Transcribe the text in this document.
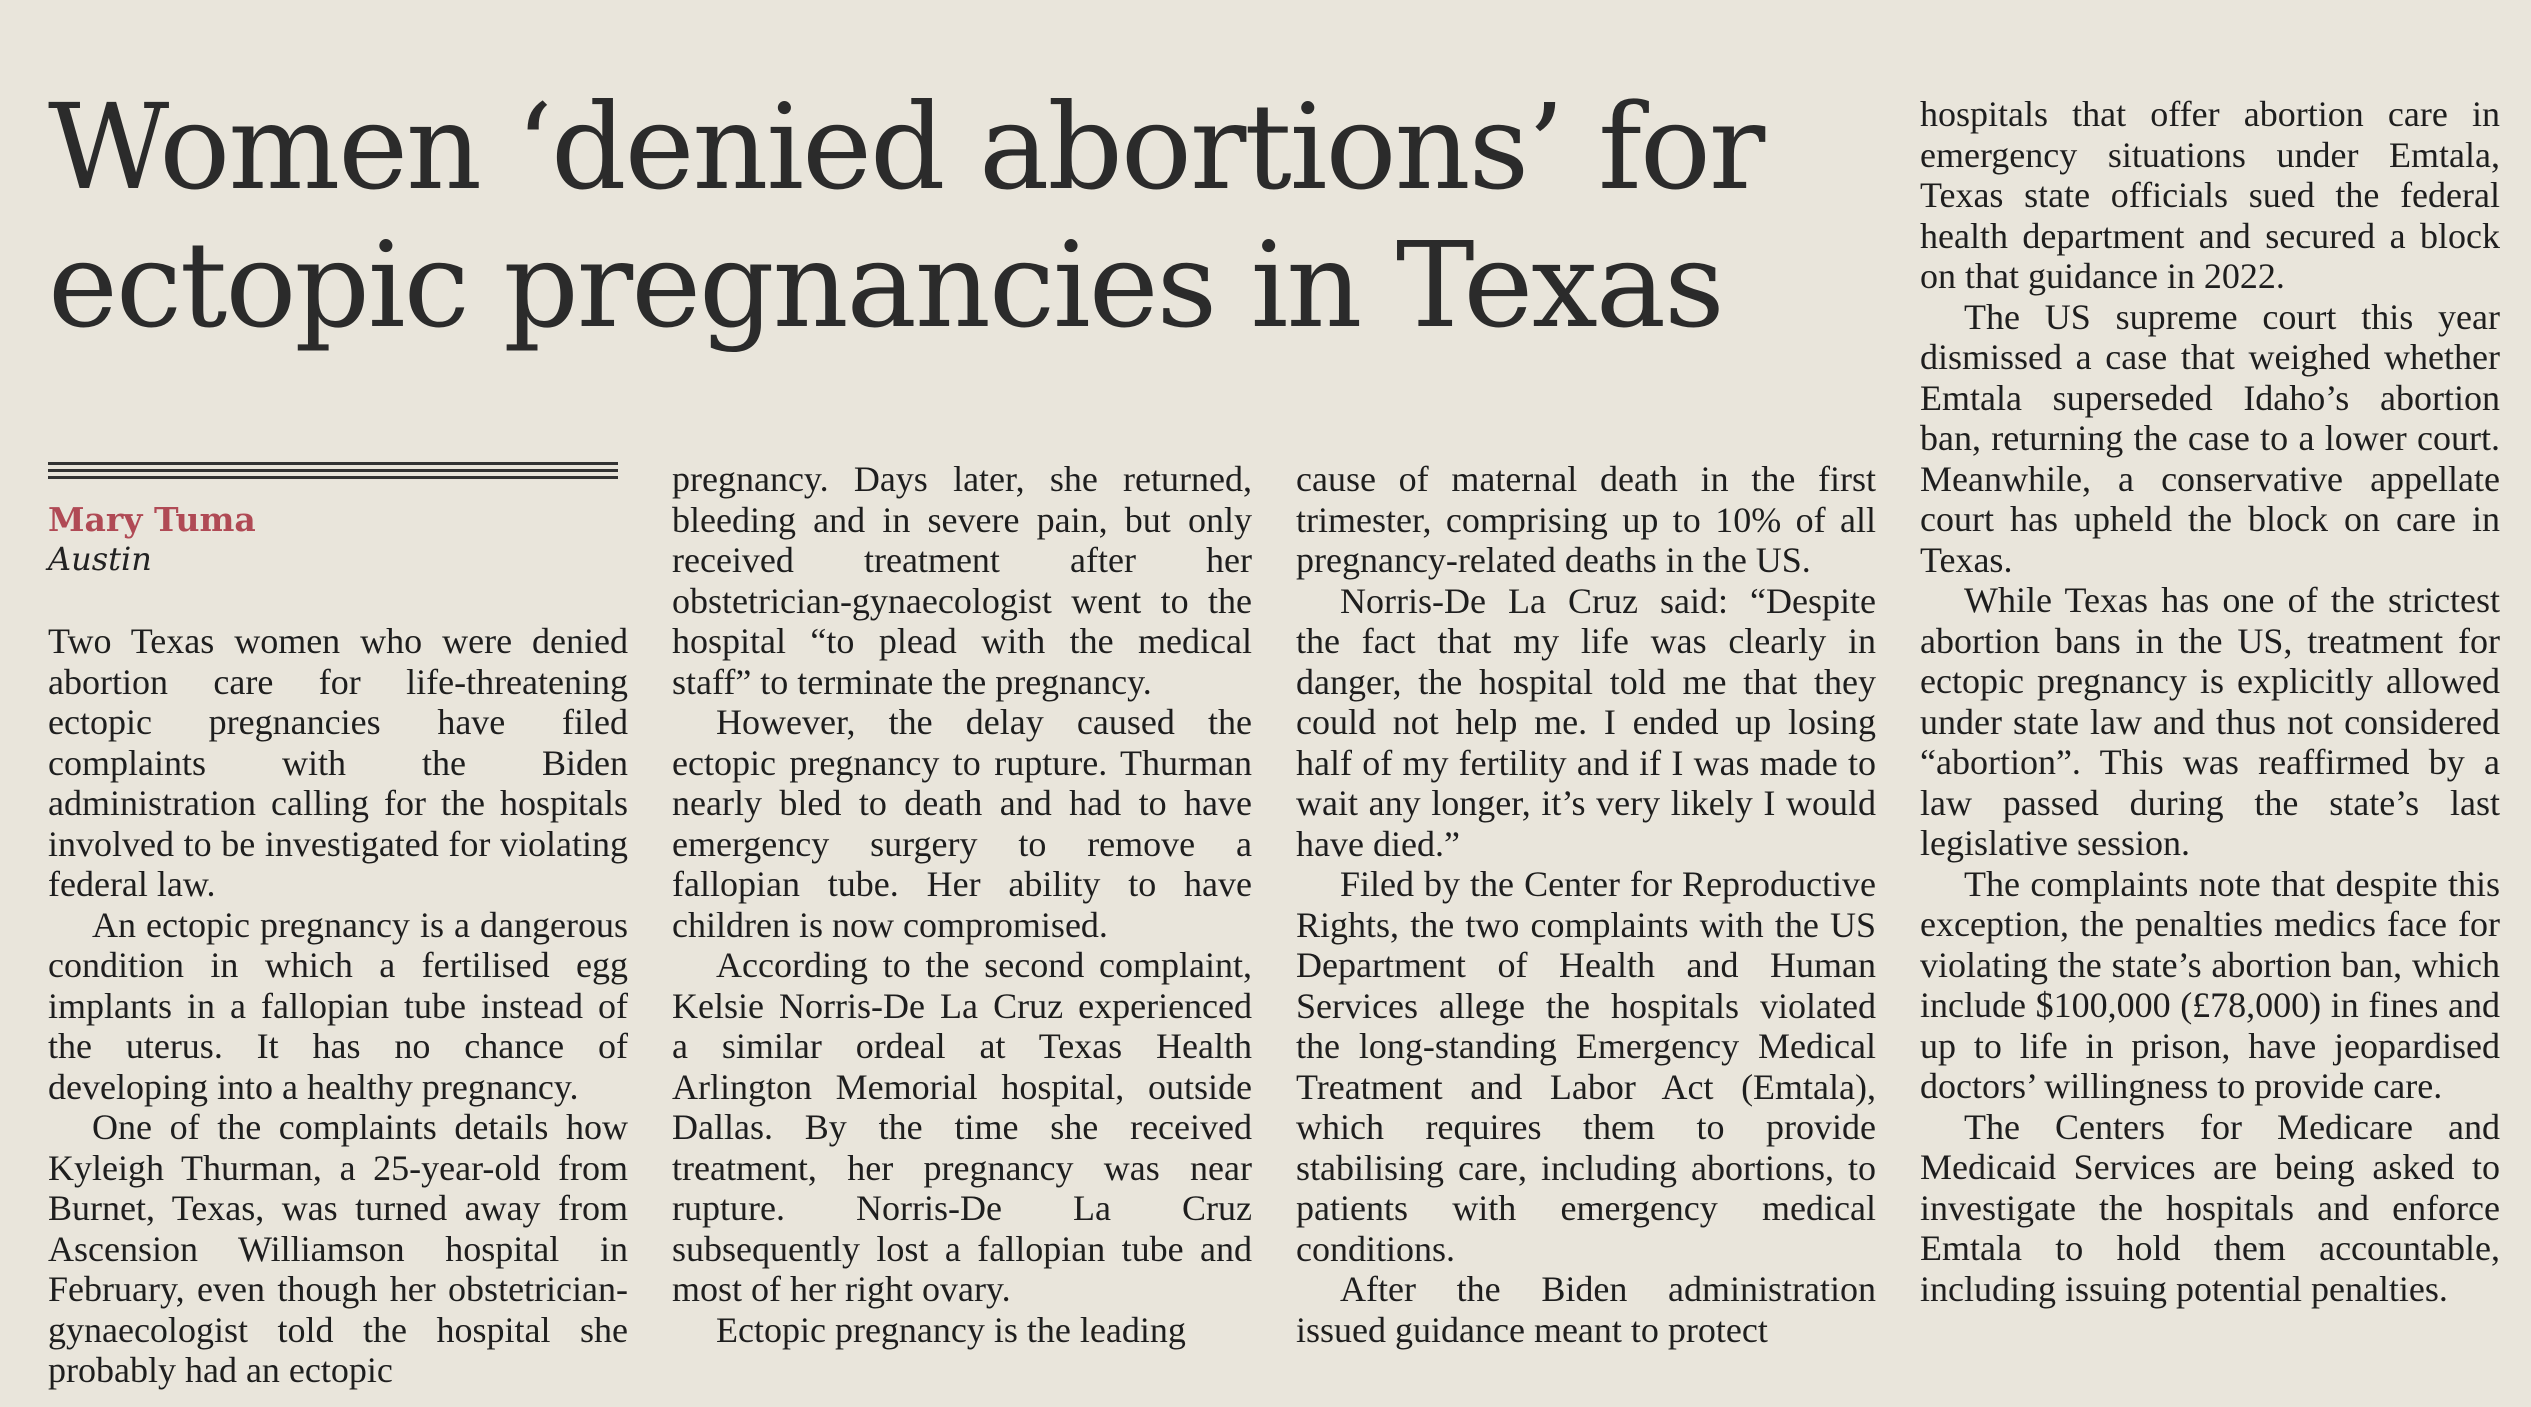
Women ‘denied abortions’ for ectopic pregnancies in Texas

Mary Tuma

Austin

Two Texas women who were denied abortion care for life-threatening ectopic pregnancies have filed complaints with the Biden administration calling for the hospitals involved to be investigated for violating federal law.

An ectopic pregnancy is a dangerous condition in which a fertilised egg implants in a fallopian tube instead of the uterus. It has no chance of developing into a healthy pregnancy.

One of the complaints details how Kyleigh Thurman, a 25-year-old from Burnet, Texas, was turned away from Ascension Williamson hospital in February, even though her obstetrician-gynaecologist told the hospital she probably had an ectopic

pregnancy. Days later, she returned, bleeding and in severe pain, but only received treatment after her obstetrician-gynaecologist went to the hospital “to plead with the medical staff” to terminate the pregnancy.

However, the delay caused the ectopic pregnancy to rupture. Thurman nearly bled to death and had to have emergency surgery to remove a fallopian tube. Her ability to have children is now compromised.

According to the second complaint, Kelsie Norris-De La Cruz experienced a similar ordeal at Texas Health Arlington Memorial hospital, outside Dallas. By the time she received treatment, her pregnancy was near rupture. Norris-De La Cruz subsequently lost a fallopian tube and most of her right ovary.

Ectopic pregnancy is the leading

cause of maternal death in the first trimester, comprising up to 10% of all pregnancy-related deaths in the US.

Norris-De La Cruz said: “Despite the fact that my life was clearly in danger, the hospital told me that they could not help me. I ended up losing half of my fertility and if I was made to wait any longer, it’s very likely I would have died.”

Filed by the Center for Reproductive Rights, the two complaints with the US Department of Health and Human Services allege the hospitals violated the long-standing Emergency Medical Treatment and Labor Act (Emtala), which requires them to provide stabilising care, including abortions, to patients with emergency medical conditions.

After the Biden administration issued guidance meant to protect

hospitals that offer abortion care in emergency situations under Emtala, Texas state officials sued the federal health department and secured a block on that guidance in 2022.

The US supreme court this year dismissed a case that weighed whether Emtala superseded Idaho’s abortion ban, returning the case to a lower court. Meanwhile, a conservative appellate court has upheld the block on care in Texas.

While Texas has one of the strictest abortion bans in the US, treatment for ectopic pregnancy is explicitly allowed under state law and thus not considered “abortion”. This was reaffirmed by a law passed during the state’s last legislative session.

The complaints note that despite this exception, the penalties medics face for violating the state’s abortion ban, which include $100,000 (£78,000) in fines and up to life in prison, have jeopardised doctors’ willingness to provide care.

The Centers for Medicare and Medicaid Services are being asked to investigate the hospitals and enforce Emtala to hold them accountable, including issuing potential penalties.
